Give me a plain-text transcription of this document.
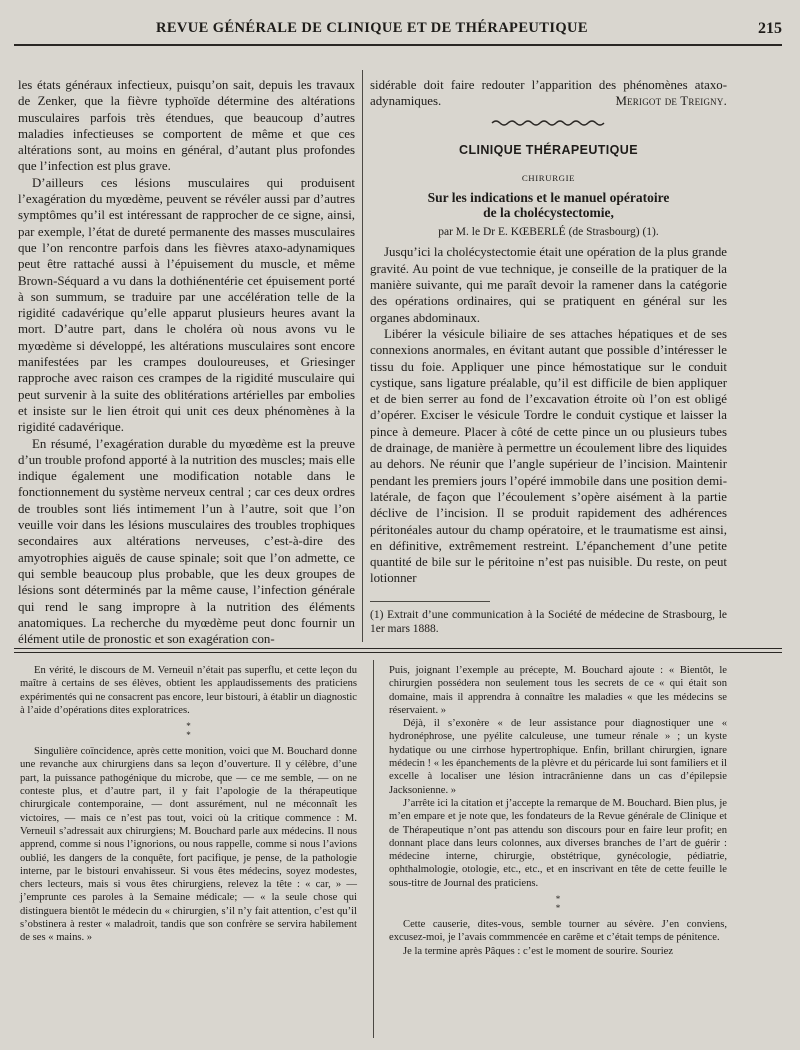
REVUE GÉNÉRALE DE CLINIQUE ET DE THÉRAPEUTIQUE	215

les états généraux infectieux, puisqu’on sait, depuis les travaux de Zenker, que la fièvre typhoïde détermine des altérations musculaires parfois très étendues, que beaucoup d’autres maladies infectieuses se comportent de même et que ces altérations sont, au moins en général, d’autant plus profondes que l’infection est plus grave.

D’ailleurs ces lésions musculaires qui produisent l’exagération du myœdème, peuvent se révéler aussi par d’autres symptômes qu’il est intéressant de rapprocher de ce signe, ainsi, par exemple, l’état de dureté permanente des masses musculaires que l’on rencontre parfois dans les fièvres ataxo-adynamiques peut être rattaché aussi à l’épuisement du muscle, et même Brown-Séquard a vu dans la dothiénentérie cet épuisement porté à son summum, se traduire par une accélération telle de la rigidité cadavérique qu’elle apparut plusieurs heures avant la mort. D’autre part, dans le choléra où nous avons vu le myœdème si développé, les altérations musculaires sont encore manifestées par les crampes douloureuses, et Griesinger rapproche avec raison ces crampes de la rigidité musculaire qui peut survenir à la suite des oblitérations artérielles par embolies et insiste sur le lien étroit qui unit ces deux phénomènes à la rigidité cadavérique.

En résumé, l’exagération durable du myœdème est la preuve d’un trouble profond apporté à la nutrition des muscles; mais elle indique également une modification notable dans le fonctionnement du système nerveux central ; car ces deux ordres de troubles sont liés intimement l’un à l’autre, soit que l’on veuille voir dans les lésions musculaires des troubles trophiques secondaires aux altérations nerveuses, c’est-à-dire des amyotrophies aiguës de cause spinale; soit que l’on admette, ce qui semble beaucoup plus probable, que les deux groupes de lésions sont déterminés par la même cause, l’infection générale qui rend le sang impropre à la nutrition des éléments anatomiques. La recherche du myœdème peut donc fournir un élément utile de pronostic et son exagération con-

sidérable doit faire redouter l’apparition des phénomènes ataxo-adynamiques.	Merigot de Treigny.
CLINIQUE THÉRAPEUTIQUE
CHIRURGIE
Sur les indications et le manuel opératoire
de la cholécystectomie,
par M. le Dr E. KŒBERLÉ (de Strasbourg) (1).

Jusqu’ici la cholécystectomie était une opération de la plus grande gravité. Au point de vue technique, je conseille de la pratiquer de la manière suivante, qui me paraît devoir la ramener dans la catégorie des opérations ordinaires, qui se pratiquent en général sur les organes abdominaux.

Libérer la vésicule biliaire de ses attaches hépatiques et de ses connexions anormales, en évitant autant que possible d’intéresser le tissu du foie. Appliquer une pince hémostatique sur le conduit cystique, sans ligature préalable, qu’il est difficile de bien appliquer et de bien serrer au fond de l’excavation étroite où l’on est obligé d’opérer. Exciser le vésicule Tordre le conduit cystique et laisser la pince à demeure. Placer à côté de cette pince un ou plusieurs tubes de drainage, de manière à permettre un écoulement libre des liquides au dehors. Ne réunir que l’angle supérieur de l’incision. Maintenir pendant les premiers jours l’opéré immobile dans une position demi-latérale, de façon que l’écoulement s’opère aisément à la partie déclive de l’incision. Il se produit rapidement des adhérences péritonéales autour du champ opératoire, et le traumatisme est ainsi, en définitive, extrêmement restreint. L’épanchement d’une petite quantité de bile sur le péritoine n’est pas nuisible. Du reste, on peut lotionner

(1) Extrait d’une communication à la Société de médecine de Strasbourg, le 1er mars 1888.

En vérité, le discours de M. Verneuil n’était pas superflu, et cette leçon du maître à certains de ses élèves, obtient les applaudissements des praticiens expérimentés qui ne consacrent pas encore, leur bistouri, à établir un diagnostic à l’aide d’opérations dites exploratrices.

*
*

Singulière coïncidence, après cette monition, voici que M. Bouchard donne une revanche aux chirurgiens dans sa leçon d’ouverture. Il y célèbre, d’une part, la puissance pathogénique du microbe, que — ce me semble, — on ne conteste plus, et d’autre part, il y fait l’apologie de la thérapeutique chirurgicale contemporaine, — dont assurément, nul ne méconnaît les victoires, — mais ce n’est pas tout, voici où la critique commence : M. Verneuil s’adressait aux chirurgiens; M. Bouchard parle aux médecins. Il nous apprend, comme si nous l’ignorions, ou nous rappelle, comme si nous l’avions oublié, les dangers de la conquête, fort pacifique, je pense, de la pathologie interne, par le bistouri envahisseur. Si vous êtes médecins, soyez modestes, chers lecteurs, mais si vous êtes chirurgiens, relevez la tête : « car, » — j’emprunte ces paroles à la Semaine médicale; — « la seule chose qui distinguera bientôt le médecin du « chirurgien, s’il n’y fait attention, c’est qu’il s’obstinera à rester « maladroit, tandis que son confrère se servira habilement de ses « mains. »

Puis, joignant l’exemple au précepte, M. Bouchard ajoute : « Bientôt, le chirurgien possédera non seulement tous les secrets de ce « qui était son domaine, mais il apprendra à connaître les maladies « que les médecins se réservaient. »

Déjà, il s’exonère « de leur assistance pour diagnostiquer une « hydronéphrose, une pyélite calculeuse, une tumeur rénale » ; un kyste hydatique ou une cirrhose hypertrophique. Enfin, brillant chirurgien, ignare médecin ! « les épanchements de la plèvre et du péricarde lui sont familiers et il excelle à localiser une lésion intracrânienne dans un cas d’épilepsie Jacksonienne. »

J’arrête ici la citation et j’accepte la remarque de M. Bouchard. Bien plus, je m’en empare et je note que, les fondateurs de la Revue générale de Clinique et de Thérapeutique n’ont pas attendu son discours pour en faire leur profit; en donnant place dans leurs colonnes, aux diverses branches de l’art de guérir : médecine interne, chirurgie, obstétrique, gynécologie, pédiatrie, ophthalmologie, otologie, etc., etc., et en inscrivant en tête de cette feuille le sous-titre de Journal des praticiens.

*
*

Cette causerie, dites-vous, semble tourner au sévère. J’en conviens, excusez-moi, je l’avais commmencée en carême et c’était temps de pénitence.

Je la termine après Pâques : c’est le moment de sourire. Souriez
